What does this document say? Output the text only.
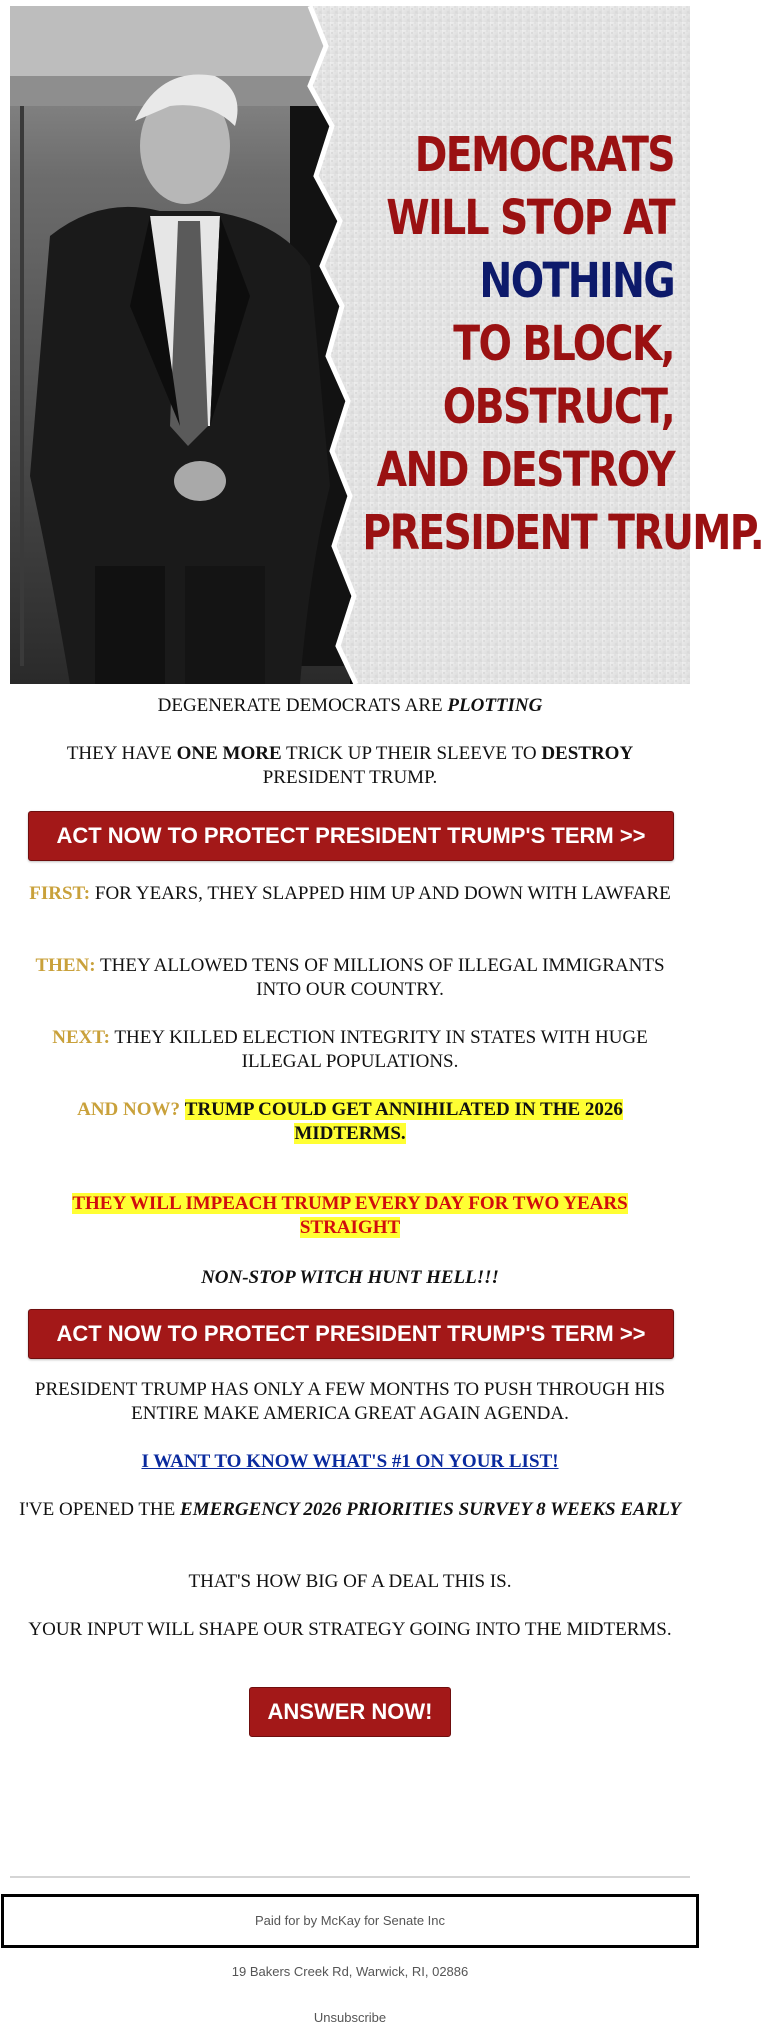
DEMOCRATS
WILL STOP AT
NOTHING
TO BLOCK,
OBSTRUCT,
AND DESTROY
PRESIDENT TRUMP.
DEGENERATE DEMOCRATS ARE PLOTTING
THEY HAVE ONE MORE TRICK UP THEIR SLEEVE TO DESTROY PRESIDENT TRUMP.
ACT NOW TO PROTECT PRESIDENT TRUMP'S TERM >>
FIRST: FOR YEARS, THEY SLAPPED HIM UP AND DOWN WITH LAWFARE
THEN: THEY ALLOWED TENS OF MILLIONS OF ILLEGAL IMMIGRANTS INTO OUR COUNTRY.
NEXT: THEY KILLED ELECTION INTEGRITY IN STATES WITH HUGE ILLEGAL POPULATIONS.
AND NOW? TRUMP COULD GET ANNIHILATED IN THE 2026 MIDTERMS.
THEY WILL IMPEACH TRUMP EVERY DAY FOR TWO YEARS STRAIGHT
NON-STOP WITCH HUNT HELL!!!
ACT NOW TO PROTECT PRESIDENT TRUMP'S TERM >>
PRESIDENT TRUMP HAS ONLY A FEW MONTHS TO PUSH THROUGH HIS ENTIRE MAKE AMERICA GREAT AGAIN AGENDA.
I WANT TO KNOW WHAT'S #1 ON YOUR LIST!
I'VE OPENED THE EMERGENCY 2026 PRIORITIES SURVEY 8 WEEKS EARLY
THAT'S HOW BIG OF A DEAL THIS IS.
YOUR INPUT WILL SHAPE OUR STRATEGY GOING INTO THE MIDTERMS.
ANSWER NOW!
Paid for by McKay for Senate Inc
19 Bakers Creek Rd, Warwick, RI, 02886
Unsubscribe
